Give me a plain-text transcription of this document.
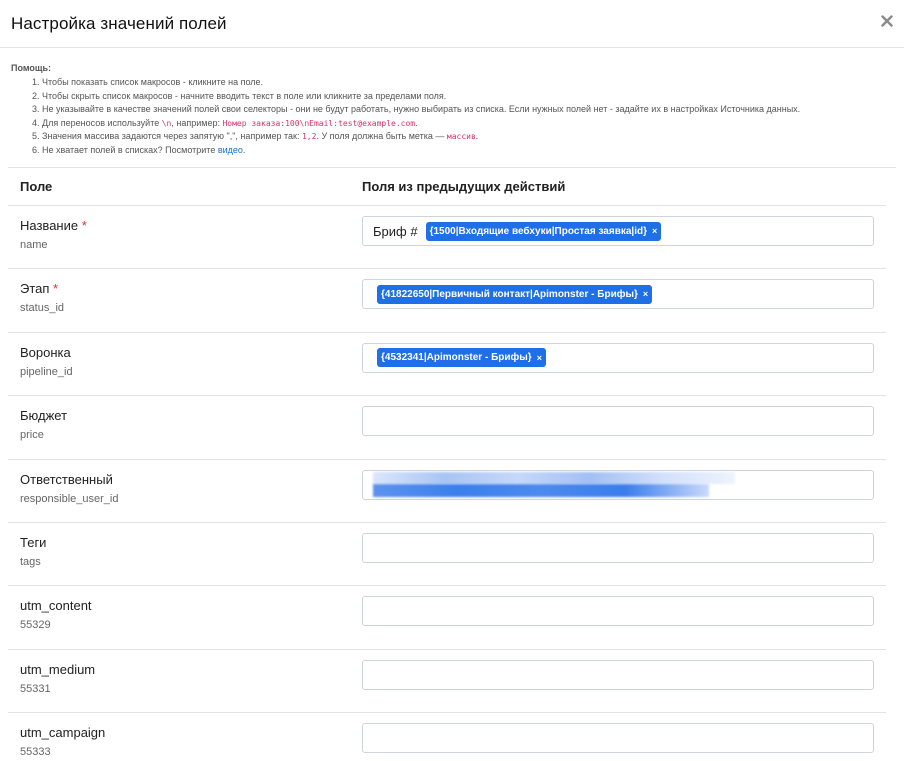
Настройка значений полей
Помощь:
1. Чтобы показать список макросов - кликните на поле.
2. Чтобы скрыть список макросов - начните вводить текст в поле или кликните за пределами поля.
3. Не указывайте в качестве значений полей свои селекторы - они не будут работать, нужно выбирать из списка. Если нужных полей нет - задайте их в настройках Источника данных.
4. Для переносов используйте \n, например: Номер заказа:100\nEmail:test@example.com.
5. Значения массива задаются через запятую ",", например так: 1,2. У поля должна быть метка — массив.
6. Не хватает полей в списках? Посмотрите видео.
Поле	Поля из предыдущих действий
Название *
name
Бриф # {1500|Входящие вебхуки|Простая заявка|id} ×
Этап *
status_id
{41822650|Первичный контакт|Apimonster - Брифы} ×
Воронка
pipeline_id
{4532341|Apimonster - Брифы} ×
Бюджет
price
Ответственный
responsible_user_id
Теги
tags
utm_content
55329
utm_medium
55331
utm_campaign
55333
